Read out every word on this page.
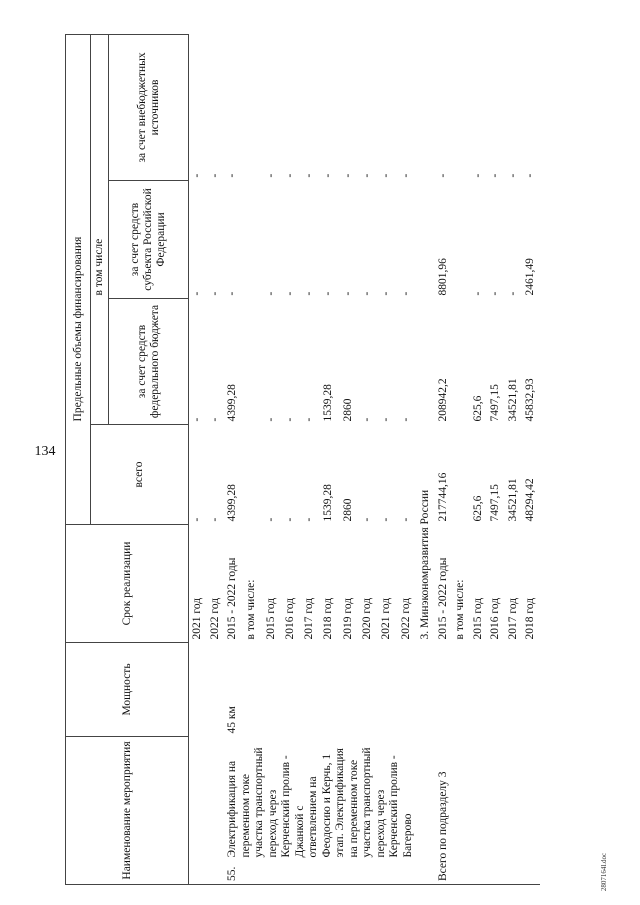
134
2807164l.doc
Наименование мероприятия		Мощность	Срок реализации		Предельные объемы финансирования		
				всего		в том числе	
					за счет средств федерального бюджета	за счет средств субъекта Российской Федерации	за счет внебюджетных источников
			2021 год	-	-	-	-
			2022 год	-	-	-	-
55.	Электрификация на переменном токе участка транспортный переход через Керченский пролив - Джанкой с ответвлением на Феодосию и Керчь, 1 этап. Электрификация на переменном токе участка транспортный переход через Керченский пролив - Багерово	45 км	2015 - 2022 годы	4399,28	4399,28	-	-
			в том числе:				
			2015 год	-	-	-	-
			2016 год	-	-	-	-
			2017 год	-	-	-	-
			2018 год	1539,28	1539,28	-	-
			2019 год	2860	2860	-	-
			2020 год	-	-	-	-
			2021 год	-	-	-	-
			2022 год	-	-	-	-
			3. Минэкономразвития России				
Всего по подразделу 3			2015 - 2022 годы	217744,16	208942,2	8801,96	-
			в том числе:				
			2015 год	625,6	625,6	-	-
			2016 год	7497,15	7497,15	-	-
			2017 год	34521,81	34521,81	-	-
			2018 год	48294,42	45832,93	2461,49	-
